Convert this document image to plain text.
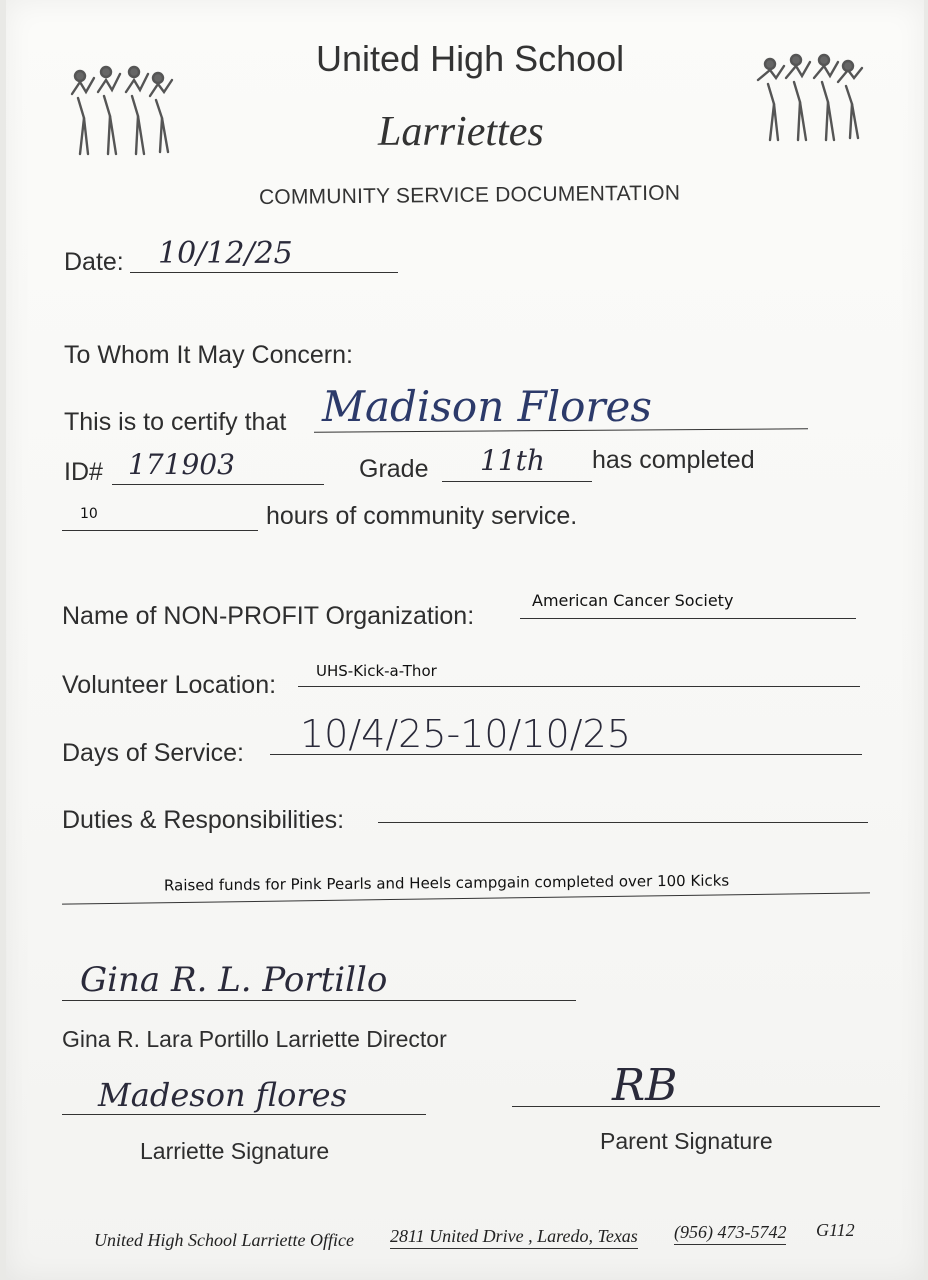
United High School
Larriettes
COMMUNITY SERVICE DOCUMENTATION
Date: 10/12/25
To Whom It May Concern:
This is to certify that Madison Flores
ID# 171903	Grade 11th has completed
10	hours of community service.
Name of NON-PROFIT Organization:
American Cancer Society
Volunteer Location:	UHS-Kick-a-Thor
Days of Service: 10/4/25-10/10/25
Duties & Responsibilities:
Raised funds for Pink Pearls and Heels campgain completed over 100 Kicks
Gina R. L. Portillo
Gina R. Lara Portillo Larriette Director
Madeson flores
Larriette Signature
RB
Parent Signature
United High School Larriette Office 2811 United Drive , Laredo, Texas (956) 473-5742 G112
